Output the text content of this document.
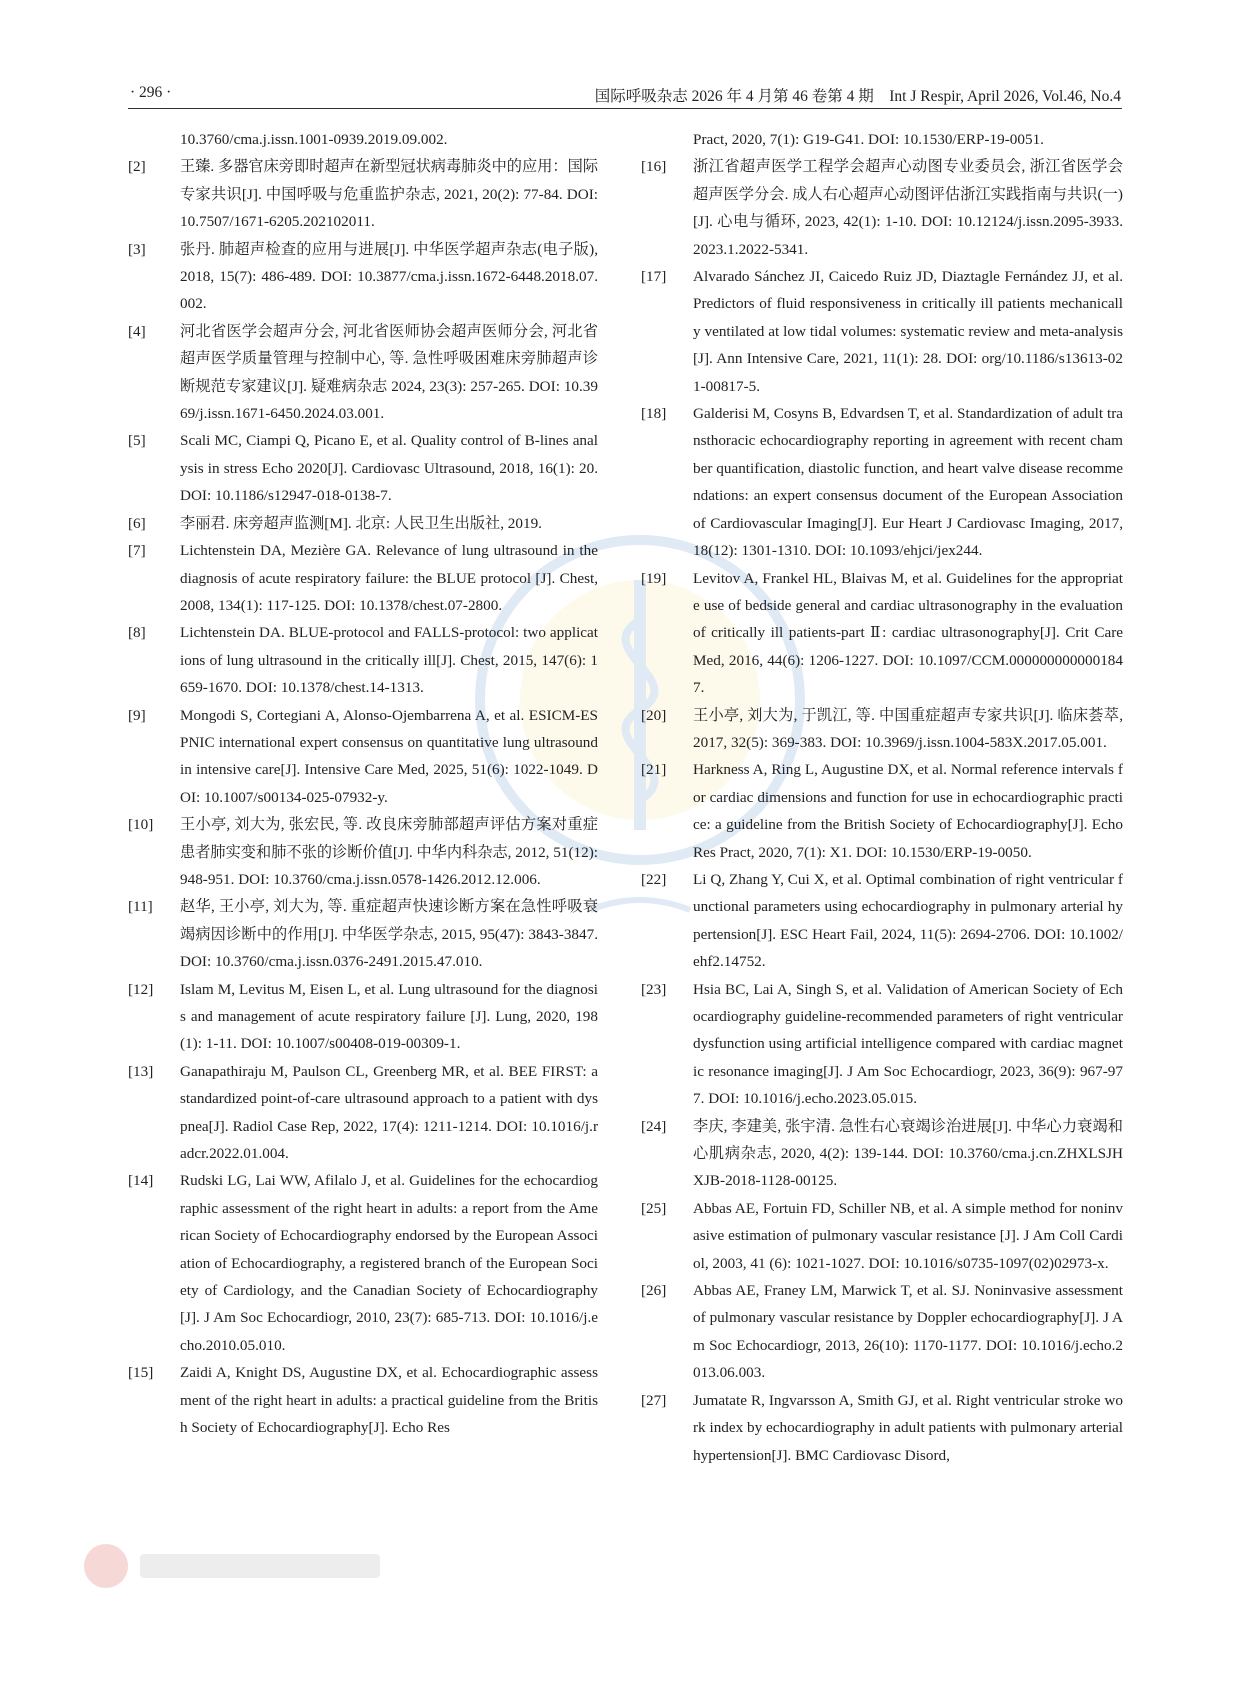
· 296 ·	国际呼吸杂志 2026 年 4 月第 46 卷第 4 期　Int J Respir, April 2026, Vol.46, No.4
10.3760/cma.j.issn.1001-0939.2019.09.002.
[2]	王臻. 多器官床旁即时超声在新型冠状病毒肺炎中的应用：国际专家共识[J]. 中国呼吸与危重监护杂志, 2021, 20(2): 77-84. DOI: 10.7507/1671-6205.202102011.
[3]	张丹. 肺超声检查的应用与进展[J]. 中华医学超声杂志(电子版), 2018, 15(7): 486-489. DOI: 10.3877/cma.j.issn.1672-6448.2018.07.002.
[4]	河北省医学会超声分会, 河北省医师协会超声医师分会, 河北省超声医学质量管理与控制中心, 等. 急性呼吸困难床旁肺超声诊断规范专家建议[J]. 疑难病杂志 2024, 23(3): 257-265. DOI: 10.3969/j.issn.1671-6450.2024.03.001.
[5]	Scali MC, Ciampi Q, Picano E, et al. Quality control of B-lines analysis in stress Echo 2020[J]. Cardiovasc Ultrasound, 2018, 16(1): 20. DOI: 10.1186/s12947-018-0138-7.
[6]	李丽君. 床旁超声监测[M]. 北京: 人民卫生出版社, 2019.
[7]	Lichtenstein DA, Mezière GA. Relevance of lung ultrasound in the diagnosis of acute respiratory failure: the BLUE protocol [J]. Chest, 2008, 134(1): 117-125. DOI: 10.1378/chest.07-2800.
[8]	Lichtenstein DA. BLUE-protocol and FALLS-protocol: two applications of lung ultrasound in the critically ill[J]. Chest, 2015, 147(6): 1659-1670. DOI: 10.1378/chest.14-1313.
[9]	Mongodi S, Cortegiani A, Alonso-Ojembarrena A, et al. ESICM-ESPNIC international expert consensus on quantitative lung ultrasound in intensive care[J]. Intensive Care Med, 2025, 51(6): 1022-1049. DOI: 10.1007/s00134-025-07932-y.
[10]	王小亭, 刘大为, 张宏民, 等. 改良床旁肺部超声评估方案对重症患者肺实变和肺不张的诊断价值[J]. 中华内科杂志, 2012, 51(12): 948-951. DOI: 10.3760/cma.j.issn.0578-1426.2012.12.006.
[11]	赵华, 王小亭, 刘大为, 等. 重症超声快速诊断方案在急性呼吸衰竭病因诊断中的作用[J]. 中华医学杂志, 2015, 95(47): 3843-3847. DOI: 10.3760/cma.j.issn.0376-2491.2015.47.010.
[12]	Islam M, Levitus M, Eisen L, et al. Lung ultrasound for the diagnosis and management of acute respiratory failure [J]. Lung, 2020, 198 (1): 1-11. DOI: 10.1007/s00408-019-00309-1.
[13]	Ganapathiraju M, Paulson CL, Greenberg MR, et al. BEE FIRST: a standardized point-of-care ultrasound approach to a patient with dyspnea[J]. Radiol Case Rep, 2022, 17(4): 1211-1214. DOI: 10.1016/j.radcr.2022.01.004.
[14]	Rudski LG, Lai WW, Afilalo J, et al. Guidelines for the echocardiographic assessment of the right heart in adults: a report from the American Society of Echocardiography endorsed by the European Association of Echocardiography, a registered branch of the European Society of Cardiology, and the Canadian Society of Echocardiography [J]. J Am Soc Echocardiogr, 2010, 23(7): 685-713. DOI: 10.1016/j.echo.2010.05.010.
[15]	Zaidi A, Knight DS, Augustine DX, et al. Echocardiographic assessment of the right heart in adults: a practical guideline from the British Society of Echocardiography[J]. Echo Res
Pract, 2020, 7(1): G19-G41. DOI: 10.1530/ERP-19-0051.
[16]	浙江省超声医学工程学会超声心动图专业委员会, 浙江省医学会超声医学分会. 成人右心超声心动图评估浙江实践指南与共识(一)[J]. 心电与循环, 2023, 42(1): 1-10. DOI: 10.12124/j.issn.2095-3933.2023.1.2022-5341.
[17]	Alvarado Sánchez JI, Caicedo Ruiz JD, Diaztagle Fernández JJ, et al. Predictors of fluid responsiveness in critically ill patients mechanically ventilated at low tidal volumes: systematic review and meta-analysis[J]. Ann Intensive Care, 2021, 11(1): 28. DOI: org/10.1186/s13613-021-00817-5.
[18]	Galderisi M, Cosyns B, Edvardsen T, et al. Standardization of adult transthoracic echocardiography reporting in agreement with recent chamber quantification, diastolic function, and heart valve disease recommendations: an expert consensus document of the European Association of Cardiovascular Imaging[J]. Eur Heart J Cardiovasc Imaging, 2017, 18(12): 1301-1310. DOI: 10.1093/ehjci/jex244.
[19]	Levitov A, Frankel HL, Blaivas M, et al. Guidelines for the appropriate use of bedside general and cardiac ultrasonography in the evaluation of critically ill patients-part Ⅱ: cardiac ultrasonography[J]. Crit Care Med, 2016, 44(6): 1206-1227. DOI: 10.1097/CCM.0000000000001847.
[20]	王小亭, 刘大为, 于凯江, 等. 中国重症超声专家共识[J]. 临床荟萃, 2017, 32(5): 369-383. DOI: 10.3969/j.issn.1004-583X.2017.05.001.
[21]	Harkness A, Ring L, Augustine DX, et al. Normal reference intervals for cardiac dimensions and function for use in echocardiographic practice: a guideline from the British Society of Echocardiography[J]. Echo Res Pract, 2020, 7(1): X1. DOI: 10.1530/ERP-19-0050.
[22]	Li Q, Zhang Y, Cui X, et al. Optimal combination of right ventricular functional parameters using echocardiography in pulmonary arterial hypertension[J]. ESC Heart Fail, 2024, 11(5): 2694-2706. DOI: 10.1002/ehf2.14752.
[23]	Hsia BC, Lai A, Singh S, et al. Validation of American Society of Echocardiography guideline-recommended parameters of right ventricular dysfunction using artificial intelligence compared with cardiac magnetic resonance imaging[J]. J Am Soc Echocardiogr, 2023, 36(9): 967-977. DOI: 10.1016/j.echo.2023.05.015.
[24]	李庆, 李建美, 张宇清. 急性右心衰竭诊治进展[J]. 中华心力衰竭和心肌病杂志, 2020, 4(2): 139-144. DOI: 10.3760/cma.j.cn.ZHXLSJHXJB-2018-1128-00125.
[25]	Abbas AE, Fortuin FD, Schiller NB, et al. A simple method for noninvasive estimation of pulmonary vascular resistance [J]. J Am Coll Cardiol, 2003, 41 (6): 1021-1027. DOI: 10.1016/s0735-1097(02)02973-x.
[26]	Abbas AE, Franey LM, Marwick T, et al. SJ. Noninvasive assessment of pulmonary vascular resistance by Doppler echocardiography[J]. J Am Soc Echocardiogr, 2013, 26(10): 1170-1177. DOI: 10.1016/j.echo.2013.06.003.
[27]	Jumatate R, Ingvarsson A, Smith GJ, et al. Right ventricular stroke work index by echocardiography in adult patients with pulmonary arterial hypertension[J]. BMC Cardiovasc Disord,
